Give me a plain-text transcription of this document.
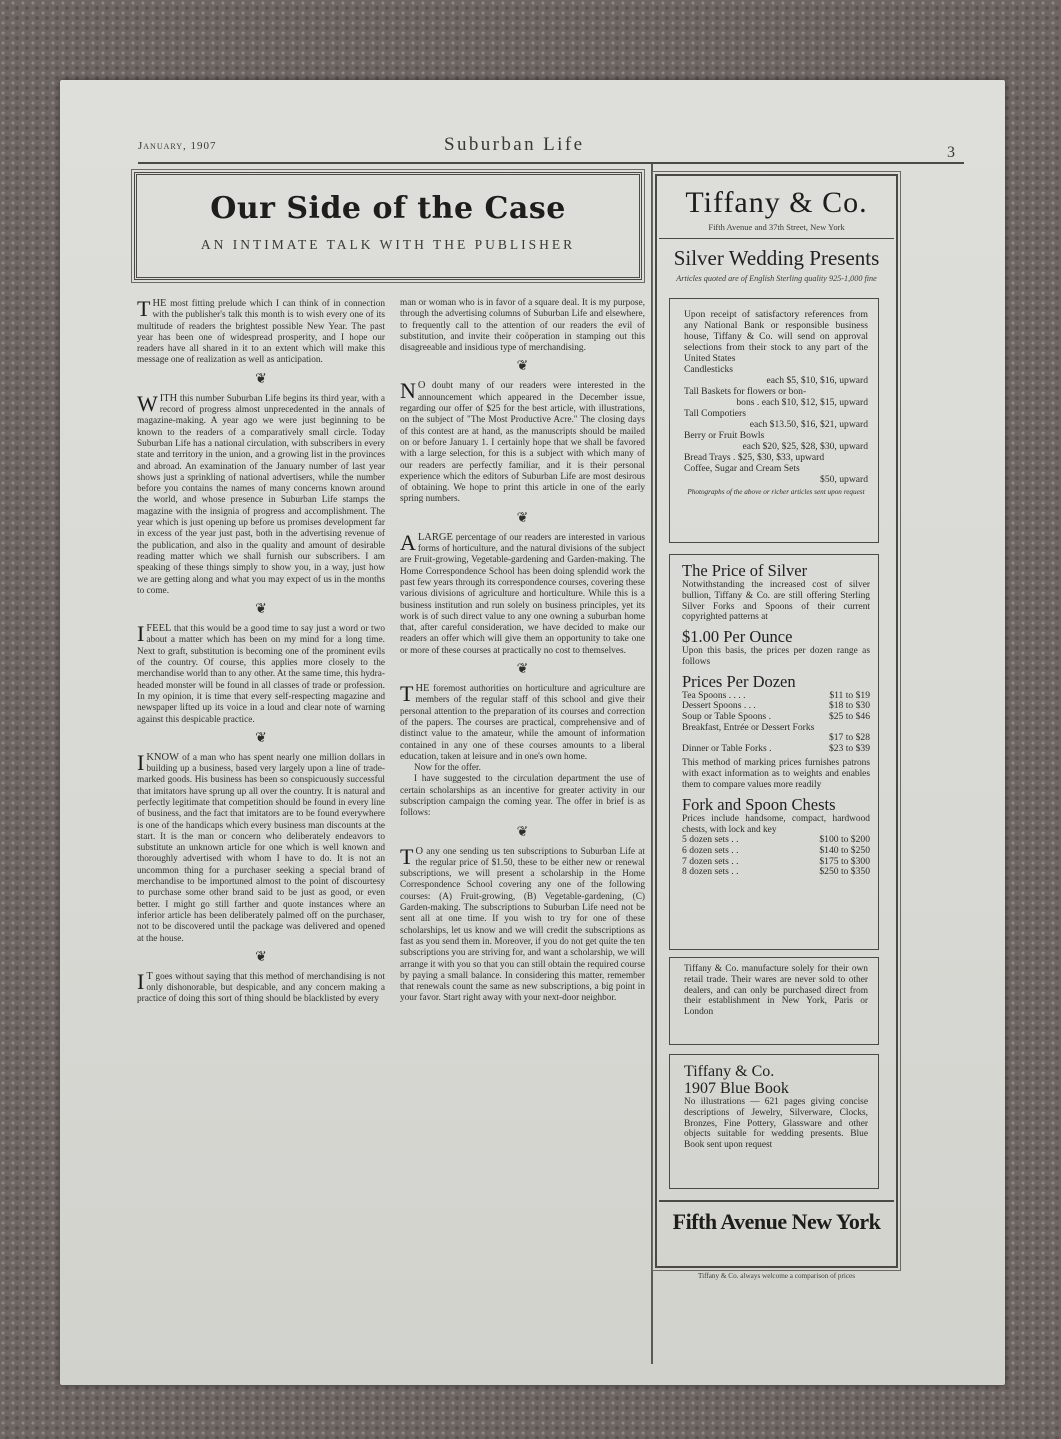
January, 1907	Suburban Life	3
Our Side of the Case
AN INTIMATE TALK WITH THE PUBLISHER

THE most fitting prelude which I can think of in connection with the publisher's talk this month is to wish every one of its multitude of readers the brightest possible New Year. The past year has been one of widespread prosperity, and I hope our readers have all shared in it to an extent which will make this message one of realization as well as anticipation.

❦

WITH this number Suburban Life begins its third year, with a record of progress almost unprecedented in the annals of magazine-making. A year ago we were just beginning to be known to the readers of a comparatively small circle. Today Suburban Life has a national circulation, with subscribers in every state and territory in the union, and a growing list in the provinces and abroad. An examination of the January number of last year shows just a sprinkling of national advertisers, while the number before you contains the names of many concerns known around the world, and whose presence in Suburban Life stamps the magazine with the insignia of progress and accomplishment. The year which is just opening up before us promises development far in excess of the year just past, both in the advertising revenue of the publication, and also in the quality and amount of desirable reading matter which we shall furnish our subscribers. I am speaking of these things simply to show you, in a way, just how we are getting along and what you may expect of us in the months to come.

❦

IFEEL that this would be a good time to say just a word or two about a matter which has been on my mind for a long time. Next to graft, substitution is becoming one of the prominent evils of the country. Of course, this applies more closely to the merchandise world than to any other. At the same time, this hydra-headed monster will be found in all classes of trade or profession. In my opinion, it is time that every self-respecting magazine and newspaper lifted up its voice in a loud and clear note of warning against this despicable practice.

❦

IKNOW of a man who has spent nearly one million dollars in building up a business, based very largely upon a line of trade-marked goods. His business has been so conspicuously successful that imitators have sprung up all over the country. It is natural and perfectly legitimate that competition should be found in every line of business, and the fact that imitators are to be found everywhere is one of the handicaps which every business man discounts at the start. It is the man or concern who deliberately endeavors to substitute an unknown article for one which is well known and thoroughly advertised with whom I have to do. It is not an uncommon thing for a purchaser seeking a special brand of merchandise to be importuned almost to the point of discourtesy to purchase some other brand said to be just as good, or even better. I might go still farther and quote instances where an inferior article has been deliberately palmed off on the purchaser, not to be discovered until the package was delivered and opened at the house.

❦

I T goes without saying that this method of merchandising is not only dishonorable, but despicable, and any concern making a practice of doing this sort of thing should be blacklisted by every

man or woman who is in favor of a square deal. It is my purpose, through the advertising columns of Suburban Life and elsewhere, to frequently call to the attention of our readers the evil of substitution, and invite their coöperation in stamping out this disagreeable and insidious type of merchandising.

❦

N O doubt many of our readers were interested in the announcement which appeared in the December issue, regarding our offer of $25 for the best article, with illustrations, on the subject of "The Most Productive Acre." The closing days of this contest are at hand, as the manuscripts should be mailed on or before January 1. I certainly hope that we shall be favored with a large selection, for this is a subject with which many of our readers are perfectly familiar, and it is their personal experience which the editors of Suburban Life are most desirous of obtaining. We hope to print this article in one of the early spring numbers.

❦

ALARGE percentage of our readers are interested in various forms of horticulture, and the natural divisions of the subject are Fruit-growing, Vegetable-gardening and Garden-making. The Home Correspondence School has been doing splendid work the past few years through its correspondence courses, covering these various divisions of agriculture and horticulture. While this is a business institution and run solely on business principles, yet its work is of such direct value to any one owning a suburban home that, after careful consideration, we have decided to make our readers an offer which will give them an opportunity to take one or more of these courses at practically no cost to themselves.

❦

THE foremost authorities on horticulture and agriculture are members of the regular staff of this school and give their personal attention to the preparation of its courses and correction of the papers. The courses are practical, comprehensive and of distinct value to the amateur, while the amount of information contained in any one of these courses amounts to a liberal education, taken at leisure and in one's own home.

Now for the offer.

I have suggested to the circulation department the use of certain scholarships as an incentive for greater activity in our subscription campaign the coming year. The offer in brief is as follows:

❦

T O any one sending us ten subscriptions to Suburban Life at the regular price of $1.50, these to be either new or renewal subscriptions, we will present a scholarship in the Home Correspondence School covering any one of the following courses: (A) Fruit-growing, (B) Vegetable-gardening, (C) Garden-making. The subscriptions to Suburban Life need not be sent all at one time. If you wish to try for one of these scholarships, let us know and we will credit the subscriptions as fast as you send them in. Moreover, if you do not get quite the ten subscriptions you are striving for, and want a scholarship, we will arrange it with you so that you can still obtain the required course by paying a small balance. In considering this matter, remember that renewals count the same as new subscriptions, a big point in your favor. Start right away with your next-door neighbor.

Tiffany & Co.
Fifth Avenue and 37th Street, New York
Silver Wedding Presents
Articles quoted are of English Sterling quality 925-1,000 fine
Upon receipt of satisfactory references from any National Bank or responsible business house, Tiffany & Co. will send on approval selections from their stock to any part of the United States
Candlesticks
each $5, $10, $16, upward
Tall Baskets for flowers or bon-
bons . each $10, $12, $15, upward
Tall Compotiers
each $13.50, $16, $21, upward
Berry or Fruit Bowls
each $20, $25, $28, $30, upward
Bread Trays . $25, $30, $33, upward
Coffee, Sugar and Cream Sets
$50, upward
Photographs of the above or richer articles sent upon request
The Price of Silver
Notwithstanding the increased cost of silver bullion, Tiffany & Co. are still offering Sterling Silver Forks and Spoons of their current copyrighted patterns at
$1.00 Per Ounce
Upon this basis, the prices per dozen range as follows
Prices Per Dozen
Tea Spoons . . . .	$11 to $19
Dessert Spoons . . .	$18 to $30
Soup or Table Spoons .	$25 to $46
Breakfast, Entrée or Dessert Forks
$17 to $28
Dinner or Table Forks .	$23 to $39
This method of marking prices furnishes patrons with exact information as to weights and enables them to compare values more readily
Fork and Spoon Chests
Prices include handsome, compact, hardwood chests, with lock and key
5 dozen sets . .	$100 to $200
6 dozen sets . .	$140 to $250
7 dozen sets . .	$175 to $300
8 dozen sets . .	$250 to $350
Tiffany & Co. manufacture solely for their own retail trade. Their wares are never sold to other dealers, and can only be purchased direct from their establishment in New York, Paris or London
Tiffany & Co.
1907 Blue Book
No illustrations — 621 pages giving concise descriptions of Jewelry, Silverware, Clocks, Bronzes, Fine Pottery, Glassware and other objects suitable for wedding presents. Blue Book sent upon request
Fifth Avenue New York
Tiffany & Co. always welcome a comparison of prices
